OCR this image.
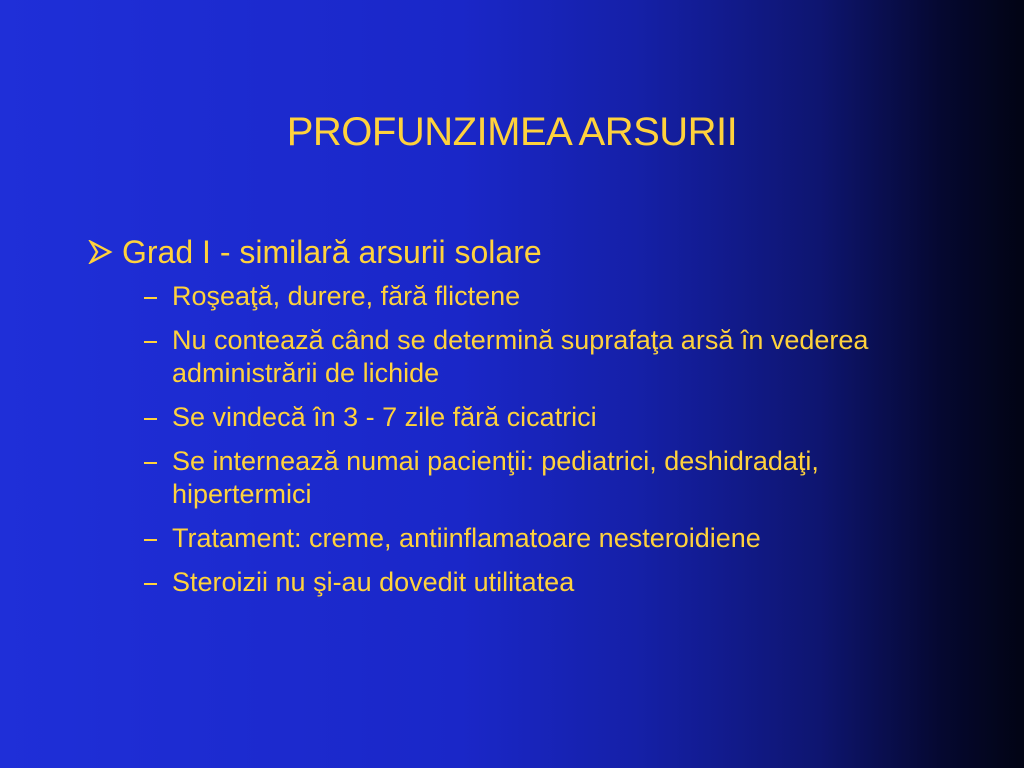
PROFUNZIMEA ARSURII
Grad I - similară arsurii solare
Roşeaţă, durere, fără flictene
Nu contează când se determină suprafaţa arsă în vederea administrării de lichide
Se vindecă în 3 - 7 zile fără cicatrici
Se internează numai pacienţii: pediatrici, deshidradaţi, hipertermici
Tratament: creme, antiinflamatoare nesteroidiene
Steroizii nu şi-au dovedit utilitatea
